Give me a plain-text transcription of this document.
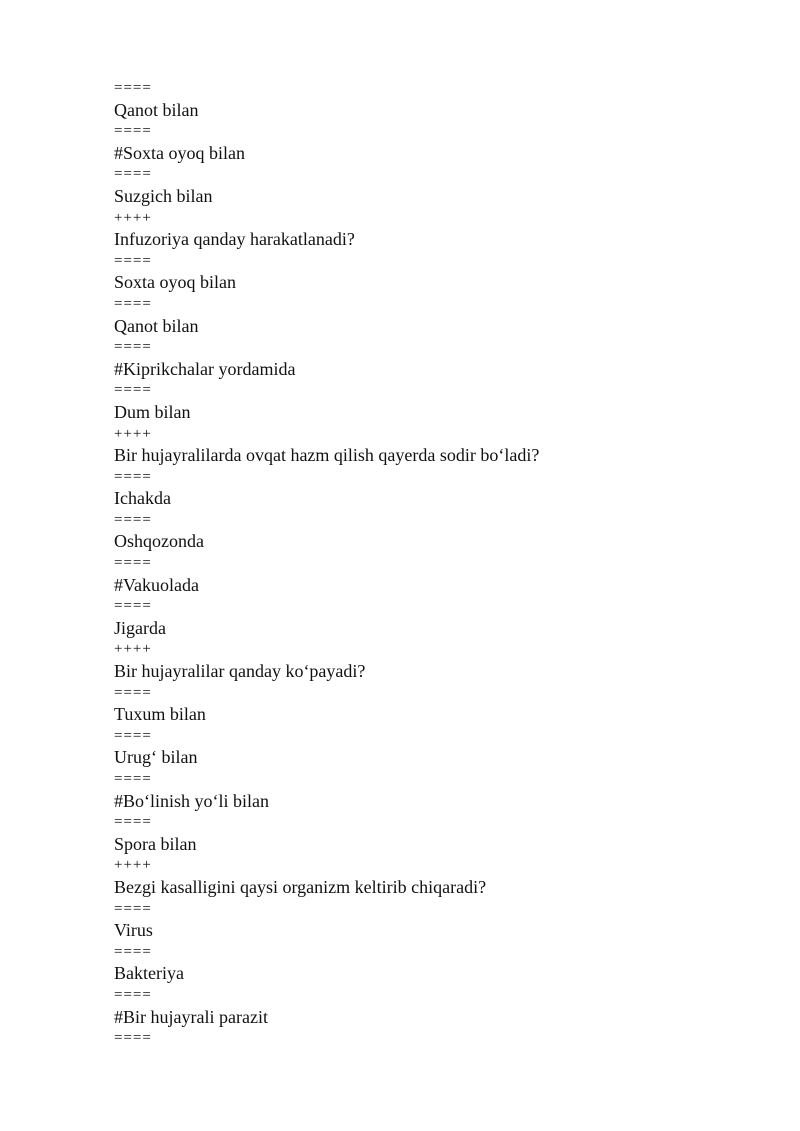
====

Qanot bilan

====

#Soxta oyoq bilan

====

Suzgich bilan

++++

Infuzoriya qanday harakatlanadi?

====

Soxta oyoq bilan

====

Qanot bilan

====

#Kiprikchalar yordamida

====

Dum bilan

++++

Bir hujayralilarda ovqat hazm qilish qayerda sodir bo‘ladi?

====

Ichakda

====

Oshqozonda

====

#Vakuolada

====

Jigarda

++++

Bir hujayralilar qanday ko‘payadi?

====

Tuxum bilan

====

Urug‘ bilan

====

#Bo‘linish yo‘li bilan

====

Spora bilan

++++

Bezgi kasalligini qaysi organizm keltirib chiqaradi?

====

Virus

====

Bakteriya

====

#Bir hujayrali parazit

====
